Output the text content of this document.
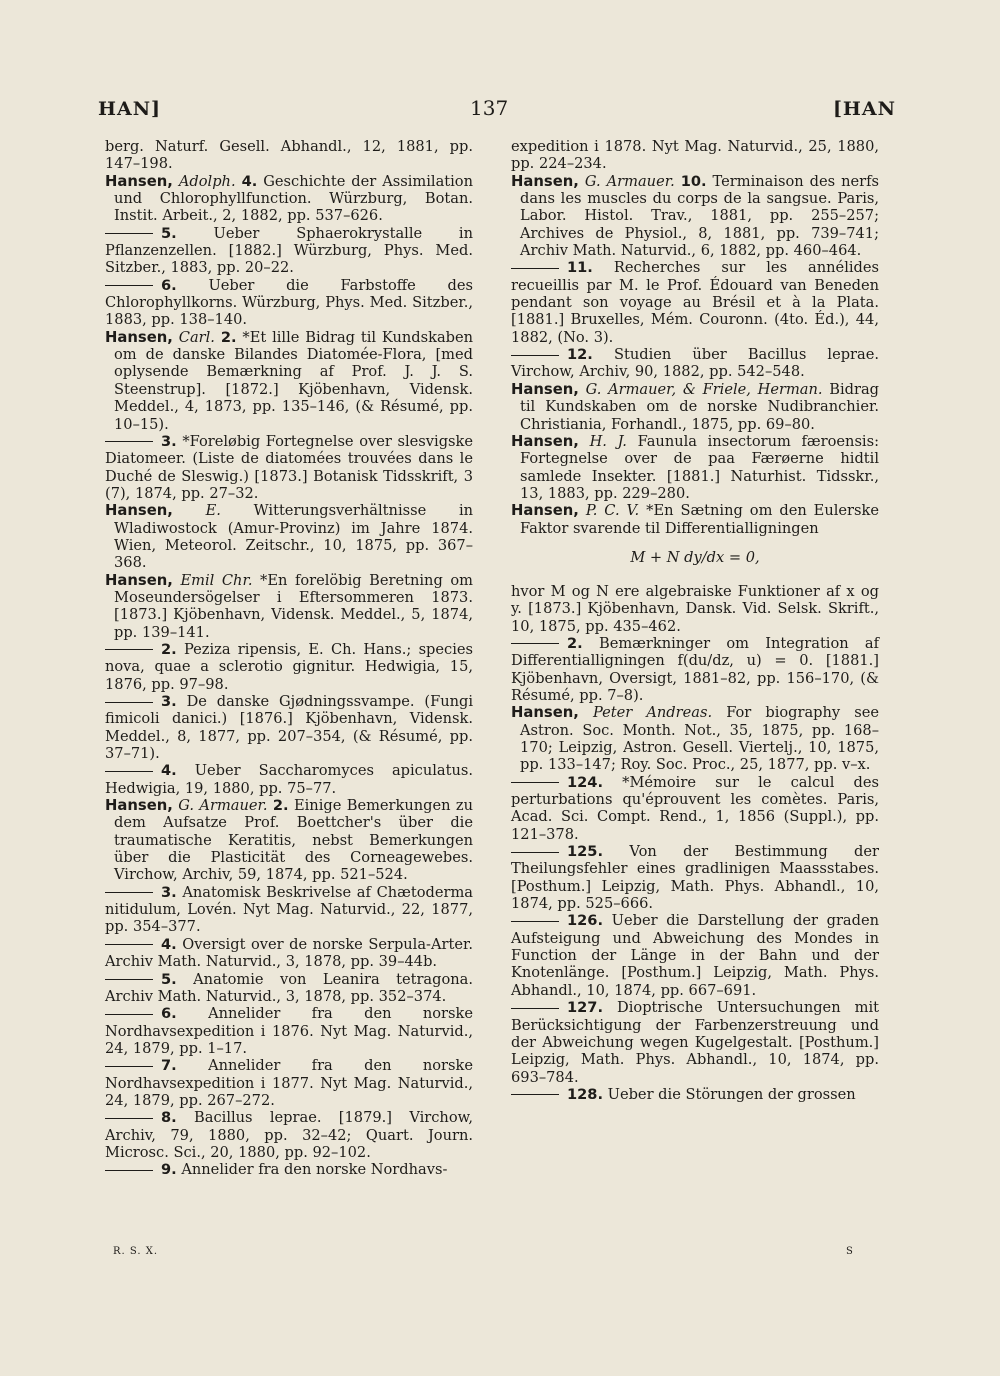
HAN]	137	[HAN

berg. Naturf. Gesell. Abhandl., 12, 1881, pp. 147–198.

Hansen, Adolph. 4. Geschichte der Assimilation und Chlorophyllfunction. Würzburg, Botan. Instit. Arbeit., 2, 1882, pp. 537–626.

5.	Ueber Sphaerokrystalle in Pflanzenzellen. [1882.] Würzburg, Phys. Med. Sitzber., 1883, pp. 20–22.

6. Ueber die Farbstoffe des Chlorophyllkorns. Würzburg, Phys. Med. Sitzber., 1883, pp. 138–140.

Hansen, Carl. 2. *Et lille Bidrag til Kundskaben om de danske Bilandes Diatomée-Flora, [med oplysende Bemærkning af Prof. J. J. S. Steenstrup]. [1872.] Kjöbenhavn, Vidensk. Meddel., 4, 1873, pp. 135–146, (& Résumé, pp. 10–15).

3. *Foreløbig Fortegnelse over slesvigske Diatomeer. (Liste de diatomées trouvées dans le Duché de Sleswig.) [1873.] Botanisk Tidsskrift, 3 (7), 1874, pp. 27–32.

Hansen, E. Witterungsverhältnisse in Wladiwostock (Amur-Provinz) im Jahre 1874. Wien, Meteorol. Zeitschr., 10, 1875, pp. 367–368.

Hansen, Emil Chr. *En forelöbig Beretning om Moseundersögelser i Eftersommeren 1873. [1873.] Kjöbenhavn, Vidensk. Meddel., 5, 1874, pp. 139–141.

2. Peziza ripensis, E. Ch. Hans.; species nova, quae a sclerotio gignitur. Hedwigia, 15, 1876, pp. 97–98.

3. De danske Gjødningssvampe. (Fungi fimicoli danici.) [1876.] Kjöbenhavn, Vidensk. Meddel., 8, 1877, pp. 207–354, (& Résumé, pp. 37–71).

4. Ueber Saccharomyces apiculatus. Hedwigia, 19, 1880, pp. 75–77.

Hansen, G. Armauer. 2. Einige Bemerkungen zu dem Aufsatze Prof. Boettcher's über die traumatische Keratitis, nebst Bemerkungen über die Plasticität des Corneagewebes. Virchow, Archiv, 59, 1874, pp. 521–524.

3. Anatomisk Beskrivelse af Chætoderma nitidulum, Lovén. Nyt Mag. Naturvid., 22, 1877, pp. 354–377.

4. Oversigt over de norske Serpula-Arter. Archiv Math. Naturvid., 3, 1878, pp. 39–44b.

5. Anatomie von Leanira tetragona. Archiv Math. Naturvid., 3, 1878, pp. 352–374.

6. Annelider fra den norske Nordhavsexpedition i 1876. Nyt Mag. Naturvid., 24, 1879, pp. 1–17.

7. Annelider fra den norske Nordhavsexpedition i 1877. Nyt Mag. Naturvid., 24, 1879, pp. 267–272.

8. Bacillus leprae. [1879.] Virchow, Archiv, 79, 1880, pp. 32–42; Quart. Journ. Microsc. Sci., 20, 1880, pp. 92–102.

9. Annelider fra den norske Nordhavs-

expedition i 1878. Nyt Mag. Naturvid., 25, 1880, pp. 224–234.

Hansen, G. Armauer. 10. Terminaison des nerfs dans les muscles du corps de la sangsue. Paris, Labor. Histol. Trav., 1881, pp. 255–257; Archives de Physiol., 8, 1881, pp. 739–741; Archiv Math. Naturvid., 6, 1882, pp. 460–464.

11. Recherches sur les annélides recueillis par M. le Prof. Édouard van Beneden pendant son voyage au Brésil et à la Plata. [1881.] Bruxelles, Mém. Couronn. (4to. Éd.), 44, 1882, (No. 3).

12. Studien über Bacillus leprae. Virchow, Archiv, 90, 1882, pp. 542–548.

Hansen, G. Armauer, & Friele, Herman. Bidrag til Kundskaben om de norske Nudibranchier. Christiania, Forhandl., 1875, pp. 69–80.

Hansen, H. J. Faunula insectorum færoensis: Fortegnelse over de paa Færøerne hidtil samlede Insekter. [1881.] Naturhist. Tidsskr., 13, 1883, pp. 229–280.

Hansen, P. C. V. *En Sætning om den Eulerske Faktor svarende til Differentialligningen

M + N dy/dx = 0,

hvor M og N ere algebraiske Funktioner af x og y. [1873.] Kjöbenhavn, Dansk. Vid. Selsk. Skrift., 10, 1875, pp. 435–462.

2. Bemærkninger om Integration af Differentialligningen f(du/dz, u) = 0. [1881.] Kjöbenhavn, Oversigt, 1881–82, pp. 156–170, (& Résumé, pp. 7–8).

Hansen, Peter Andreas. For biography see Astron. Soc. Month. Not., 35, 1875, pp. 168–170; Leipzig, Astron. Gesell. Viertelj., 10, 1875, pp. 133–147; Roy. Soc. Proc., 25, 1877, pp. v–x.

124. *Mémoire sur le calcul des perturbations qu'éprouvent les comètes. Paris, Acad. Sci. Compt. Rend., 1, 1856 (Suppl.), pp. 121–378.

125. Von der Bestimmung der Theilungsfehler eines gradlinigen Maassstabes. [Posthum.] Leipzig, Math. Phys. Abhandl., 10, 1874, pp. 525–666.

126. Ueber die Darstellung der graden Aufsteigung und Abweichung des Mondes in Function der Länge in der Bahn und der Knotenlänge. [Posthum.] Leipzig, Math. Phys. Abhandl., 10, 1874, pp. 667–691.

127. Dioptrische Untersuchungen mit Berücksichtigung der Farbenzerstreuung und der Abweichung wegen Kugelgestalt. [Posthum.] Leipzig, Math. Phys. Abhandl., 10, 1874, pp. 693–784.

128. Ueber die Störungen der grossen

R. S. X.	S
